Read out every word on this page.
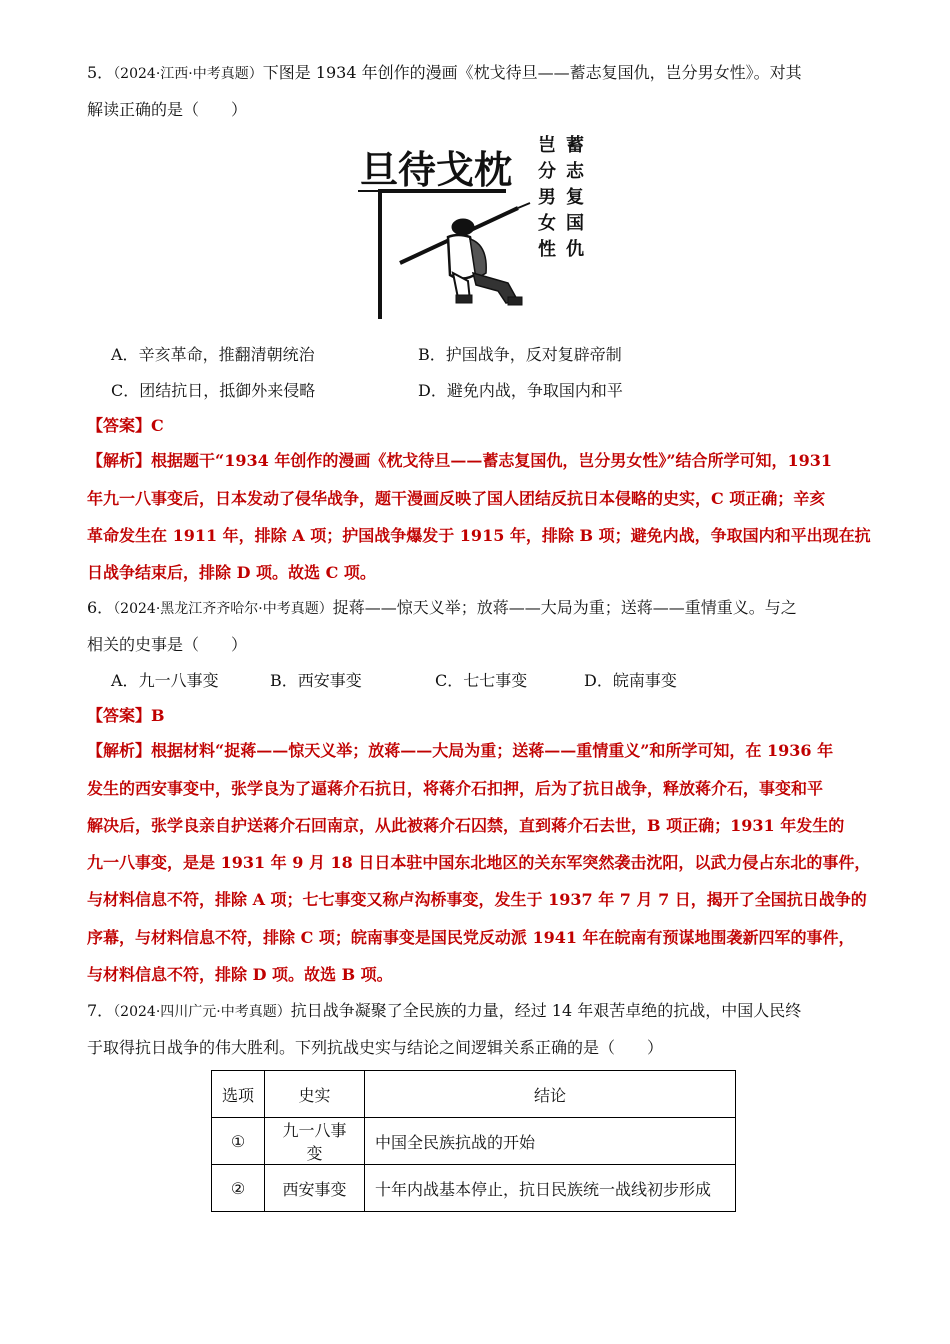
5．（2024·江西·中考真题）下图是 1934 年创作的漫画《枕戈待旦——蓄志复国仇，岂分男女性》。对其
解读正确的是（　　）
旦待戈枕
蓄
志
复
国
仇
岂
分
男
女
性
A．辛亥革命，推翻清朝统治	B．护国战争，反对复辟帝制
C．团结抗日，抵御外来侵略	D．避免内战，争取国内和平
【答案】C
【解析】根据题干“1934 年创作的漫画《枕戈待旦——蓄志复国仇，岂分男女性》”结合所学可知，1931
年九一八事变后，日本发动了侵华战争，题干漫画反映了国人团结反抗日本侵略的史实，C 项正确；辛亥
革命发生在 1911 年，排除 A 项；护国战争爆发于 1915 年，排除 B 项；避免内战，争取国内和平出现在抗
日战争结束后，排除 D 项。故选 C 项。
6．（2024·黑龙江齐齐哈尔·中考真题）捉蒋——惊天义举；放蒋——大局为重；送蒋——重情重义。与之
相关的史事是（　　）
A．九一八事变	B．西安事变	C．七七事变	D．皖南事变
【答案】B
【解析】根据材料“捉蒋——惊天义举；放蒋——大局为重；送蒋——重情重义”和所学可知，在 1936 年
发生的西安事变中，张学良为了逼蒋介石抗日，将蒋介石扣押，后为了抗日战争，释放蒋介石，事变和平
解决后，张学良亲自护送蒋介石回南京，从此被蒋介石囚禁，直到蒋介石去世，B 项正确；1931 年发生的
九一八事变，是是 1931 年 9 月 18 日日本驻中国东北地区的关东军突然袭击沈阳，以武力侵占东北的事件，
与材料信息不符，排除 A 项；七七事变又称卢沟桥事变，发生于 1937 年 7 月 7 日，揭开了全国抗日战争的
序幕，与材料信息不符，排除 C 项；皖南事变是国民党反动派 1941 年在皖南有预谋地围袭新四军的事件，
与材料信息不符，排除 D 项。故选 B 项。
7．（2024·四川广元·中考真题）抗日战争凝聚了全民族的力量，经过 14 年艰苦卓绝的抗战，中国人民终
于取得抗日战争的伟大胜利。下列抗战史实与结论之间逻辑关系正确的是（　　）
选项	史实	结论
①	九一八事变	中国全民族抗战的开始
②	西安事变	十年内战基本停止，抗日民族统一战线初步形成
